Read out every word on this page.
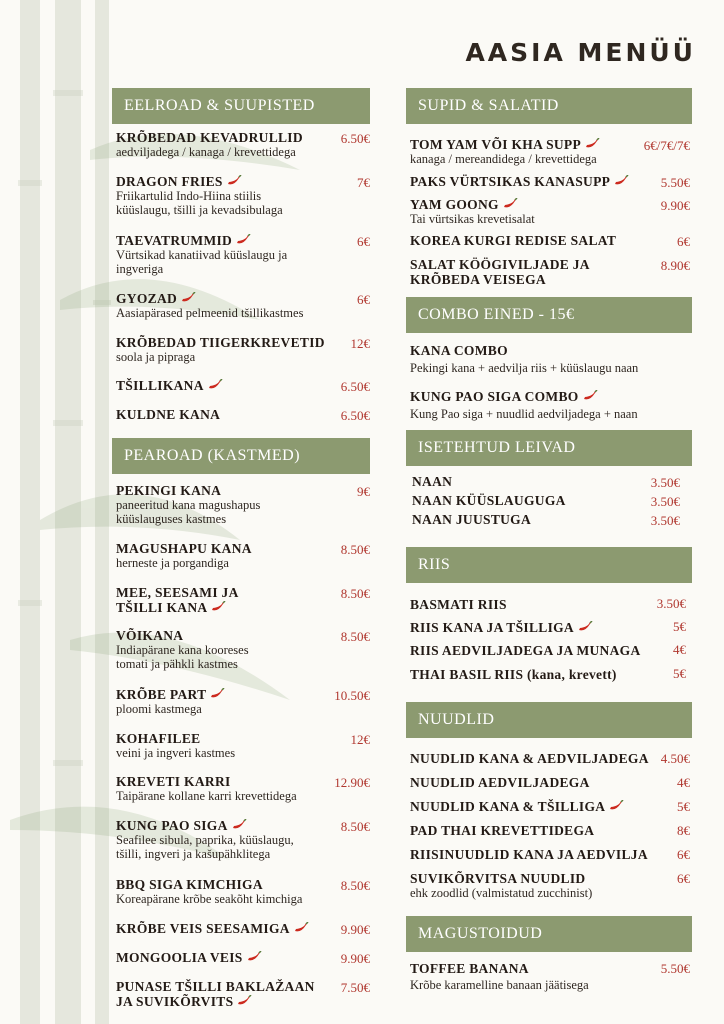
AASIA MENÜÜ
EELROAD & SUUPISTED
KRÕBEDAD KEVADRULLID
aedviljadega / kanaga / krevettidega
6.50€
DRAGON FRIES
Friikartulid Indo-Hiina stiilis
küüslaugu, tšilli ja kevadsibulaga
7€
TAEVATRUMMID
Vürtsikad kanatiivad küüslaugu ja
ingveriga
6€
GYOZAD
Aasiapärased pelmeenid tšillikastmes
6€
KRÕBEDAD TIIGERKREVETID
soola ja pipraga
12€
TŠILLIKANA	6.50€
KULDNE KANA	6.50€
PEAROAD (KASTMED)
PEKINGI KANA
paneeritud kana magushapus
küüslauguses kastmes
9€
MAGUSHAPU KANA
herneste ja porgandiga
8.50€
MEE, SEESAMI JA
TŠILLI KANA
8.50€
VÕIKANA
Indiapärane kana kooreses
tomati ja pähkli kastmes
8.50€
KRÕBE PART
ploomi kastmega
10.50€
KOHAFILEE
veini ja ingveri kastmes
12€
KREVETI KARRI
Taipärane kollane karri krevettidega
12.90€
KUNG PAO SIGA
Seafilee sibula, paprika, küüslaugu,
tšilli, ingveri ja kašupähklitega
8.50€
BBQ SIGA KIMCHIGA
Koreapärane krõbe seakõht kimchiga
8.50€
KRÕBE VEIS SEESAMIGA	9.90€
MONGOOLIA VEIS	9.90€
PUNASE TŠILLI BAKLAŽAAN
JA SUVIKÕRVITS
7.50€
SUPID & SALATID
TOM YAM VÕI KHA SUPP
kanaga / mereandidega / krevettidega
6€/7€/7€
PAKS VÜRTSIKAS KANASUPP	5.50€
YAM GOONG
Tai vürtsikas krevetisalat
9.90€
KOREA KURGI REDISE SALAT	6€
SALAT KÖÖGIVILJADE JA
KRÕBEDA VEISEGA
8.90€
COMBO EINED - 15€
KANA COMBO
Pekingi kana + aedvilja riis + küüslaugu naan
KUNG PAO SIGA COMBO
Kung Pao siga + nuudlid aedviljadega + naan
ISETEHTUD LEIVAD
NAAN	3.50€
NAAN KÜÜSLAUGUGA	3.50€
NAAN JUUSTUGA	3.50€
RIIS
BASMATI RIIS	3.50€
RIIS KANA JA TŠILLIGA	5€
RIIS AEDVILJADEGA JA MUNAGA 4€
THAI BASIL RIIS (kana, krevett)	5€
NUUDLID
NUUDLID KANA & AEDVILJADEGA 4.50€
NUUDLID AEDVILJADEGA	4€
NUUDLID KANA & TŠILLIGA	5€
PAD THAI KREVETTIDEGA	8€
RIISINUUDLID KANA JA AEDVILJA 6€
SUVIKÕRVITSA NUUDLID
ehk zoodlid (valmistatud zucchinist)
6€
MAGUSTOIDUD
TOFFEE BANANA
Krõbe karamelline banaan jäätisega
5.50€
